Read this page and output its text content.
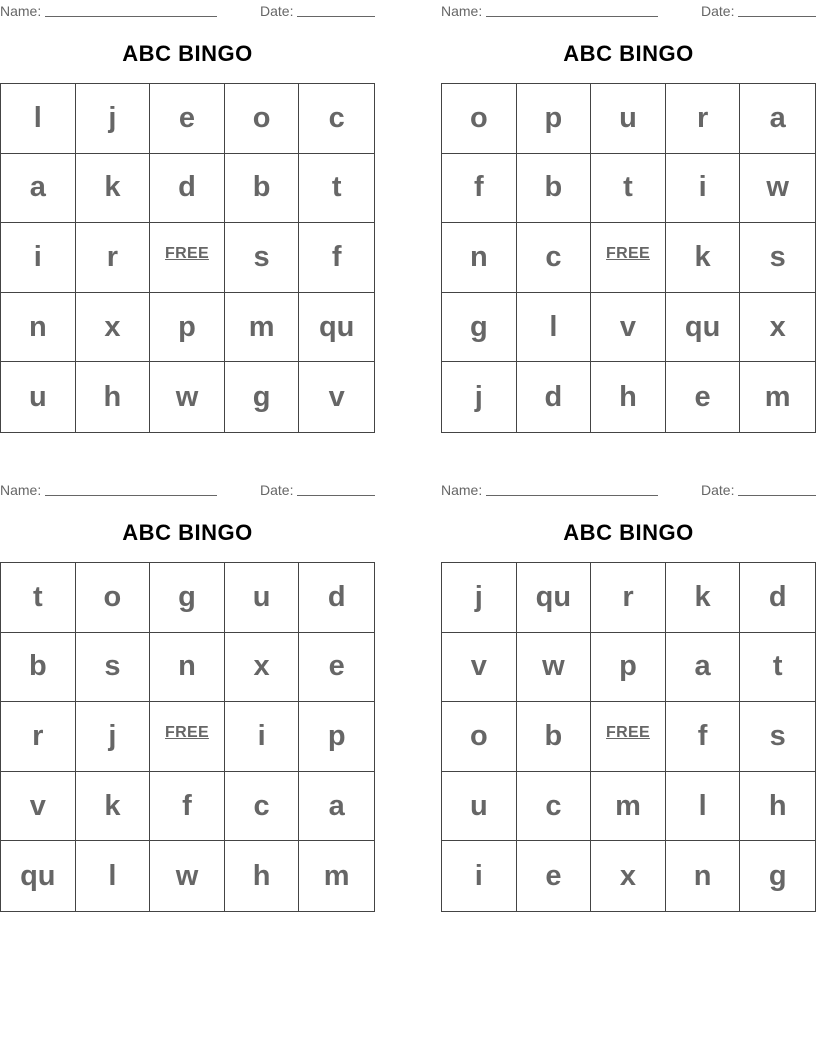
Name:	Date:
ABC BINGO
l	j	e	o	c
a	k	d	b	t
i	r	FREE	s	f
n	x	p	m	qu
u	h	w	g	v
Name:	Date:
ABC BINGO
o	p	u	r	a
f	b	t	i	w
n	c	FREE	k	s
g	l	v	qu	x
j	d	h	e	m
Name:	Date:
ABC BINGO
t	o	g	u	d
b	s	n	x	e
r	j	FREE	i	p
v	k	f	c	a
qu	l	w	h	m
Name:	Date:
ABC BINGO
j	qu	r	k	d
v	w	p	a	t
o	b	FREE	f	s
u	c	m	l	h
i	e	x	n	g
